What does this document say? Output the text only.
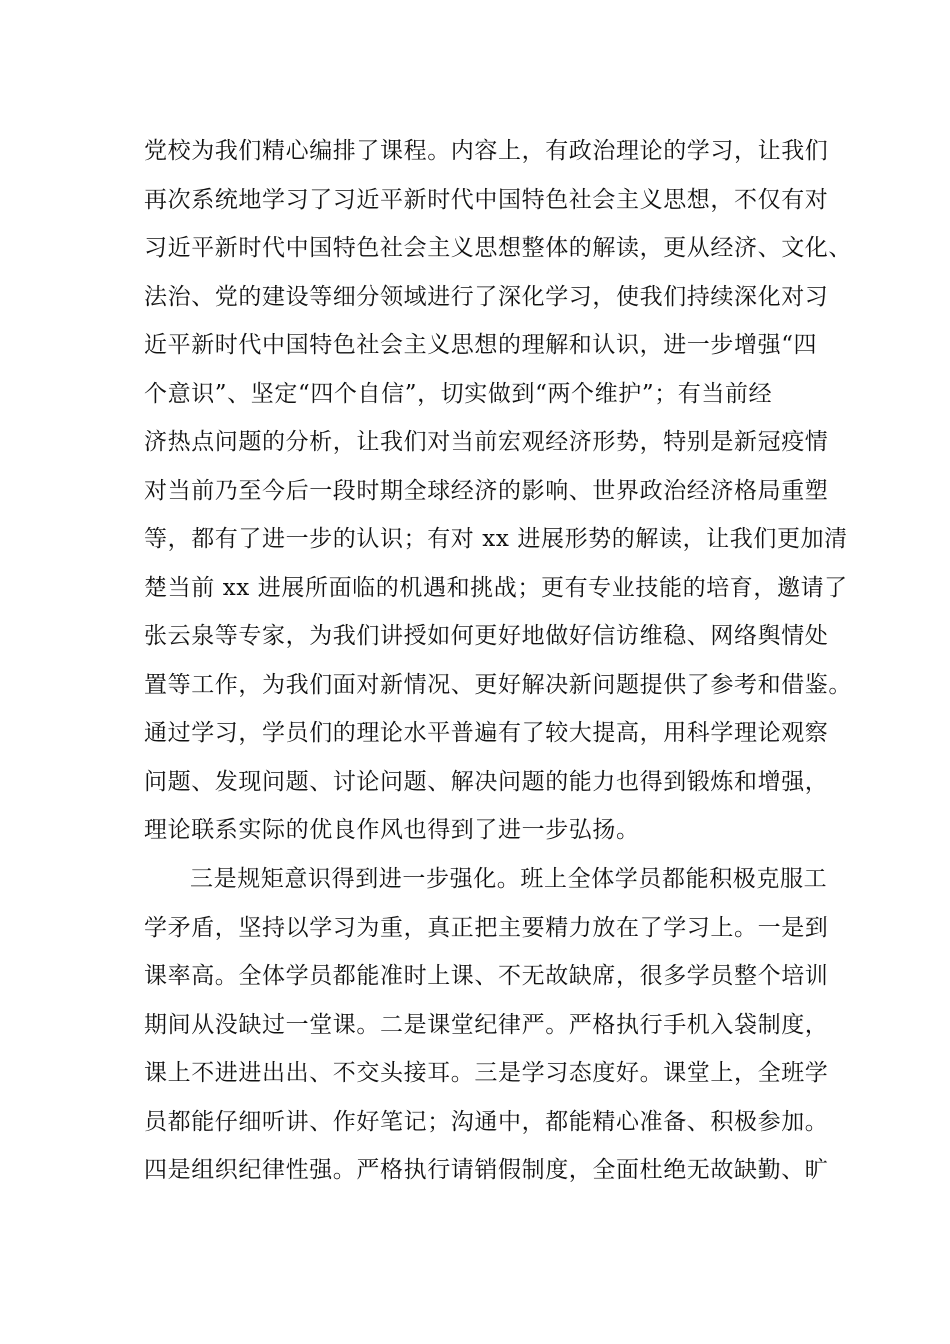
党校为我们精心编排了课程。内容上，有政治理论的学习，让我们
再次系统地学习了习近平新时代中国特色社会主义思想，不仅有对
习近平新时代中国特色社会主义思想整体的解读，更从经济、文化、
法治、党的建设等细分领域进行了深化学习，使我们持续深化对习
近平新时代中国特色社会主义思想的理解和认识，进一步增强“四
个意识”、坚定“四个自信”，切实做到“两个维护”；有当前经
济热点问题的分析，让我们对当前宏观经济形势，特别是新冠疫情
对当前乃至今后一段时期全球经济的影响、世界政治经济格局重塑
等，都有了进一步的认识；有对 xx 进展形势的解读，让我们更加清
楚当前 xx 进展所面临的机遇和挑战；更有专业技能的培育，邀请了
张云泉等专家，为我们讲授如何更好地做好信访维稳、网络舆情处
置等工作，为我们面对新情况、更好解决新问题提供了参考和借鉴。
通过学习，学员们的理论水平普遍有了较大提高，用科学理论观察
问题、发现问题、讨论问题、解决问题的能力也得到锻炼和增强，
理论联系实际的优良作风也得到了进一步弘扬。
三是规矩意识得到进一步强化。班上全体学员都能积极克服工
学矛盾，坚持以学习为重，真正把主要精力放在了学习上。一是到
课率高。全体学员都能准时上课、不无故缺席，很多学员整个培训
期间从没缺过一堂课。二是课堂纪律严。严格执行手机入袋制度，
课上不进进出出、不交头接耳。三是学习态度好。课堂上，全班学
员都能仔细听讲、作好笔记；沟通中，都能精心准备、积极参加。
四是组织纪律性强。严格执行请销假制度，全面杜绝无故缺勤、旷
